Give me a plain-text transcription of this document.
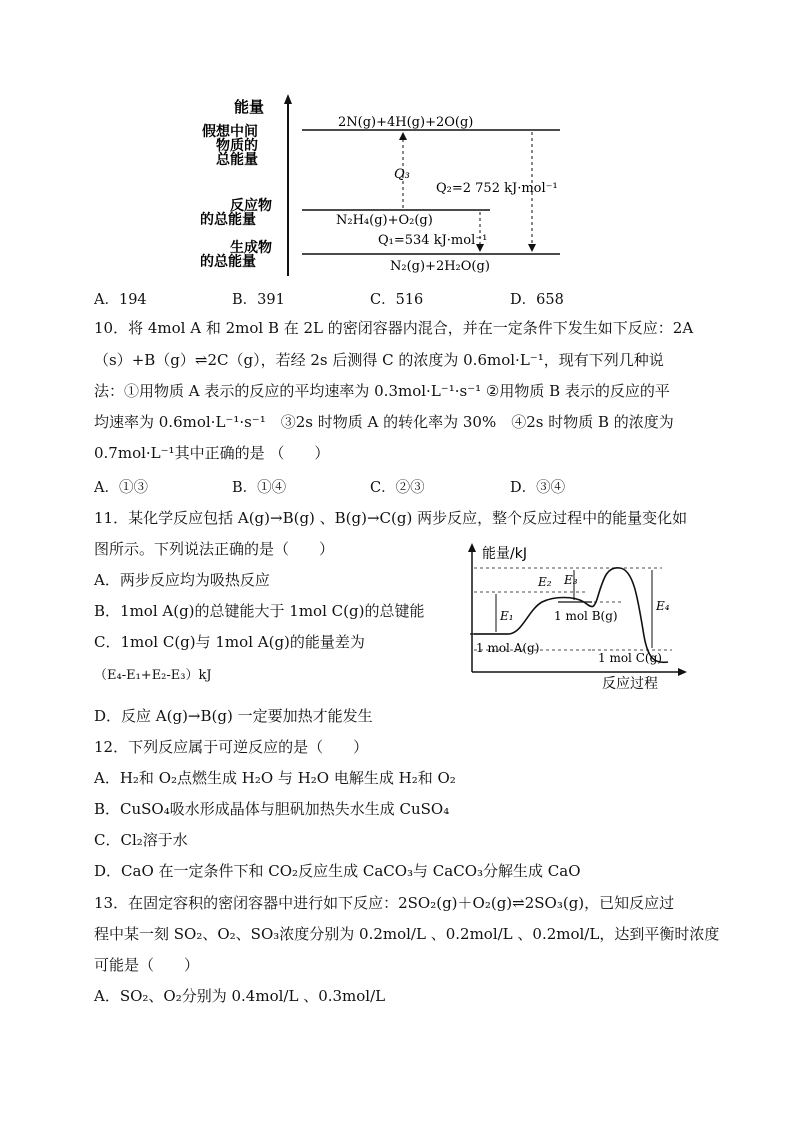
能量
假想中间
物质的
总能量
反应物
的总能量
生成物
的总能量
2N(g)+4H(g)+2O(g)
N₂H₄(g)+O₂(g)
N₂(g)+2H₂O(g)
Q₃
Q₂=2 752 kJ·mol⁻¹
Q₁=534 kJ·mol⁻¹
A．194	B．391	C．516	D．658
10．将 4mol A 和 2mol B 在 2L 的密闭容器内混合，并在一定条件下发生如下反应：2A
（s）+B（g）⇌2C（g），若经 2s 后测得 C 的浓度为 0.6mol·L⁻¹，现有下列几种说
法：①用物质 A 表示的反应的平均速率为 0.3mol·L⁻¹·s⁻¹ ②用物质 B 表示的反应的平
均速率为 0.6mol·L⁻¹·s⁻¹　③2s 时物质 A 的转化率为 30%　④2s 时物质 B 的浓度为
0.7mol·L⁻¹其中正确的是 （　　）
A．①③	B．①④	C．②③	D．③④
11．某化学反应包括 A(g)→B(g) 、B(g)→C(g) 两步反应，整个反应过程中的能量变化如
图所示。下列说法正确的是（　　）
A．两步反应均为吸热反应
B．1mol A(g)的总键能大于 1mol C(g)的总键能
C．1mol C(g)与 1mol A(g)的能量差为
（E₄-E₁+E₂-E₃）kJ
D．反应 A(g)→B(g) 一定要加热才能发生
能量/kJ
反应过程
E₁
E₂ E₃
E₄
1 mol A(g)
1 mol B(g)
1 mol C(g)
12．下列反应属于可逆反应的是（　　）
A．H₂和 O₂点燃生成 H₂O 与 H₂O 电解生成 H₂和 O₂
B．CuSO₄吸水形成晶体与胆矾加热失水生成 CuSO₄
C．Cl₂溶于水
D．CaO 在一定条件下和 CO₂反应生成 CaCO₃与 CaCO₃分解生成 CaO
13．在固定容积的密闭容器中进行如下反应：2SO₂(g)＋O₂(g)⇌2SO₃(g)，已知反应过
程中某一刻 SO₂、O₂、SO₃浓度分别为 0.2mol/L 、0.2mol/L 、0.2mol/L，达到平衡时浓度
可能是（　　）
A．SO₂、O₂分别为 0.4mol/L 、0.3mol/L
